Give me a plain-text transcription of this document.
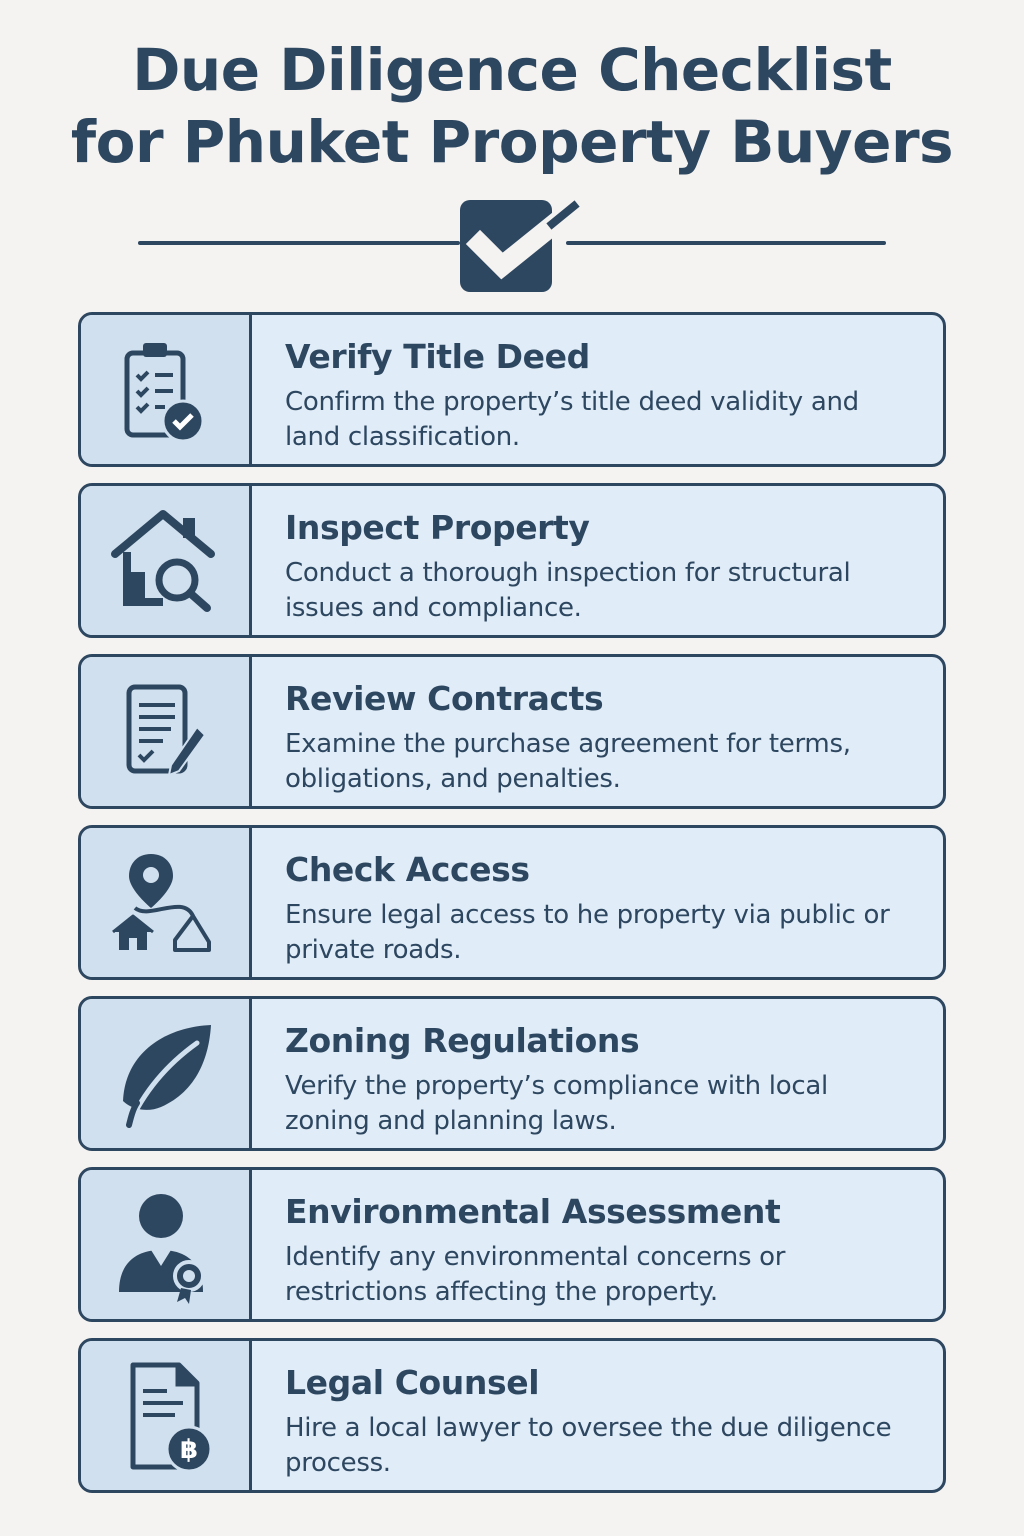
Due Diligence Checklist
for Phuket Property Buyers

Verify Title Deed

Confirm the property’s title deed validity and land classification.

Inspect Property

Conduct a thorough inspection for structural issues and compliance.

Review Contracts

Examine the purchase agreement for terms, obligations, and penalties.

Check Access

Ensure legal access to he property via public or private roads.

Zoning Regulations

Verify the property’s compliance with local zoning and planning laws.

Environmental Assessment

Identify any environmental concerns or restrictions affecting the property.

฿

Legal Counsel

Hire a local lawyer to oversee the due diligence process.
